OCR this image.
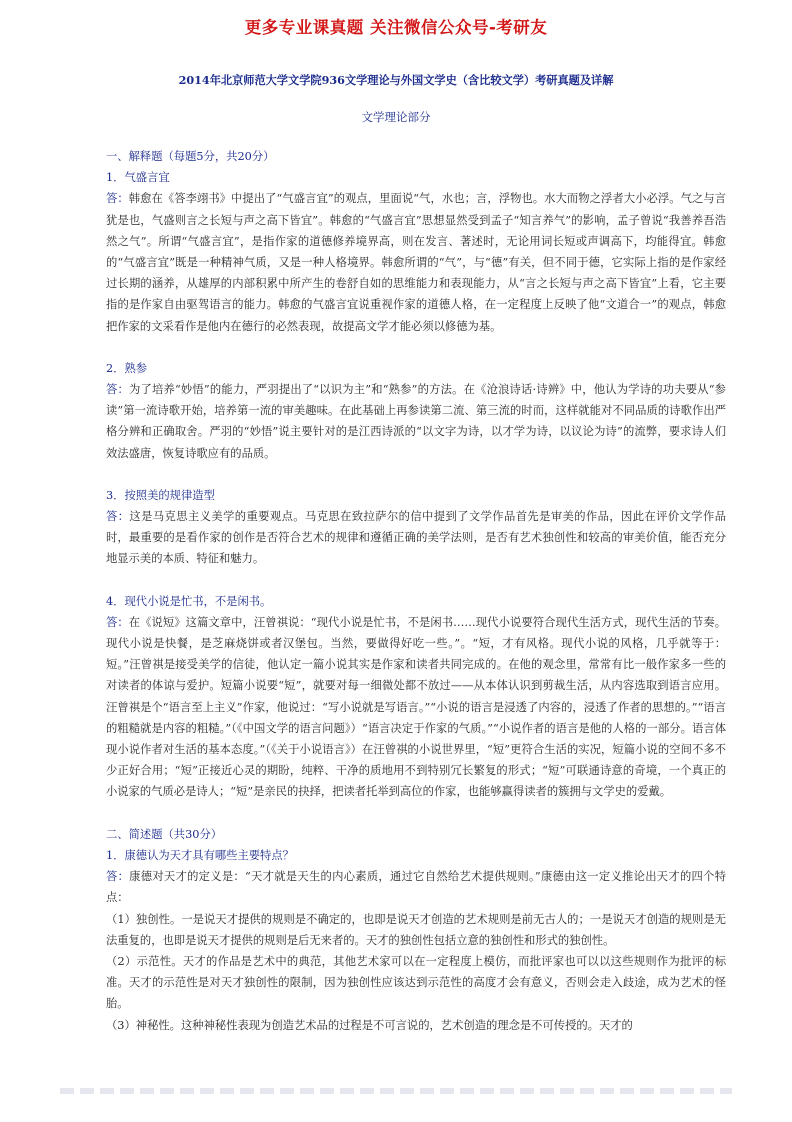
更多专业课真题 关注微信公众号-考研友
2014年北京师范大学文学院936文学理论与外国文学史（含比较文学）考研真题及详解
文学理论部分

一、解释题（每题5分，共20分）

1．气盛言宜

答：韩愈在《答李翊书》中提出了“气盛言宜”的观点，里面说“气，水也；言，浮物也。水大而物之浮者大小必浮。气之与言犹是也，气盛则言之长短与声之高下皆宜”。韩愈的“气盛言宜”思想显然受到孟子“知言养气”的影响，孟子曾说“我善养吾浩然之气”。所谓“气盛言宜”，是指作家的道德修养境界高，则在发言、著述时，无论用词长短或声调高下，均能得宜。韩愈的“气盛言宜”既是一种精神气质，又是一种人格境界。韩愈所谓的“气”，与“德”有关，但不同于德，它实际上指的是作家经过长期的涵养，从雄厚的内部积累中所产生的卷舒自如的思维能力和表现能力，从“言之长短与声之高下皆宜”上看，它主要指的是作家自由驱驾语言的能力。韩愈的气盛言宜说重视作家的道德人格，在一定程度上反映了他“文道合一”的观点，韩愈把作家的文采看作是他内在德行的必然表现，故提高文学才能必须以修德为基。

2．熟参

答：为了培养“妙悟”的能力，严羽提出了“以识为主”和“熟参”的方法。在《沧浪诗话·诗辨》中，他认为学诗的功夫要从“参读”第一流诗歌开始，培养第一流的审美趣味。在此基础上再参读第二流、第三流的时而，这样就能对不同品质的诗歌作出严格分辨和正确取舍。严羽的“妙悟”说主要针对的是江西诗派的“以文字为诗，以才学为诗，以议论为诗”的流弊，要求诗人们效法盛唐，恢复诗歌应有的品质。

3．按照美的规律造型

答：这是马克思主义美学的重要观点。马克思在致拉萨尔的信中提到了文学作品首先是审美的作品，因此在评价文学作品时，最重要的是看作家的创作是否符合艺术的规律和遵循正确的美学法则，是否有艺术独创性和较高的审美价值，能否充分地显示美的本质、特征和魅力。

4．现代小说是忙书，不是闲书。

答：在《说短》这篇文章中，汪曾祺说：“现代小说是忙书，不是闲书……现代小说要符合现代生活方式，现代生活的节奏。现代小说是快餐，是芝麻烧饼或者汉堡包。当然，要做得好吃一些。”。“短，才有风格。现代小说的风格，几乎就等于：短。”汪曾祺是接受美学的信徒，他认定一篇小说其实是作家和读者共同完成的。在他的观念里，常常有比一般作家多一些的对读者的体谅与爱护。短篇小说要“短”，就要对每一细微处都不放过——从本体认识到剪裁生活，从内容选取到语言应用。汪曾祺是个“语言至上主义”作家，他说过：“写小说就是写语言。”“小说的语言是浸透了内容的，浸透了作者的思想的。”“语言的粗糙就是内容的粗糙。”（《中国文学的语言问题》）“语言决定于作家的气质。”“小说作者的语言是他的人格的一部分。语言体现小说作者对生活的基本态度。”（《关于小说语言》）在汪曾祺的小说世界里，“短”更符合生活的实况，短篇小说的空间不多不少正好合用；“短”正接近心灵的期盼，纯粹、干净的质地用不到特别冗长繁复的形式；“短”可联通诗意的奇境，一个真正的小说家的气质必是诗人；“短”是亲民的抉择，把读者托举到高位的作家，也能够赢得读者的簇拥与文学史的爱戴。

二、简述题（共30分）

1．康德认为天才具有哪些主要特点？

答：康德对天才的定义是：“天才就是天生的内心素质，通过它自然给艺术提供规则。”康德由这一定义推论出天才的四个特点：

（1）独创性。一是说天才提供的规则是不确定的，也即是说天才创造的艺术规则是前无古人的；一是说天才创造的规则是无法重复的，也即是说天才提供的规则是后无来者的。天才的独创性包括立意的独创性和形式的独创性。

（2）示范性。天才的作品是艺术中的典范，其他艺术家可以在一定程度上模仿，而批评家也可以以这些规则作为批评的标准。天才的示范性是对天才独创性的限制，因为独创性应该达到示范性的高度才会有意义，否则会走入歧途，成为艺术的怪胎。

（3）神秘性。这种神秘性表现为创造艺术品的过程是不可言说的，艺术创造的理念是不可传授的。天才的
